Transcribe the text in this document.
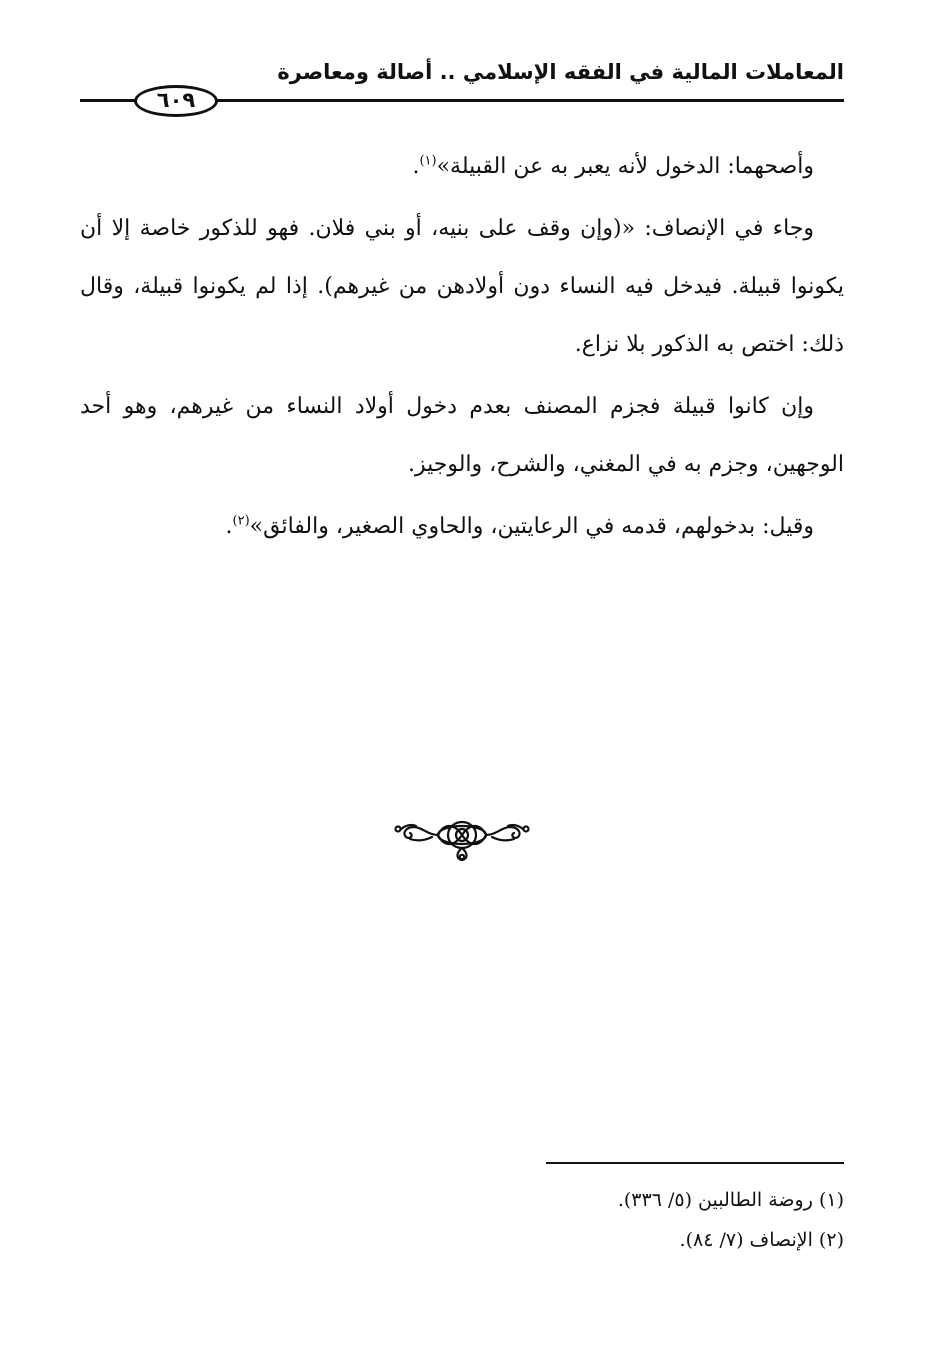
المعاملات المالية في الفقه الإسلامي .. أصالة ومعاصرة
٦٠٩

وأصحهما: الدخول لأنه يعبر به عن القبيلة»$^{(١)}$.

وجاء في الإنصاف: «(وإن وقف على بنيه، أو بني فلان. فهو للذكور خاصة إلا أن يكونوا قبيلة. فيدخل فيه النساء دون أولادهن من غيرهم). إذا لم يكونوا قبيلة، وقال ذلك: اختص به الذكور بلا نزاع.

وإن كانوا قبيلة فجزم المصنف بعدم دخول أولاد النساء من غيرهم، وهو أحد الوجهين، وجزم به في المغني، والشرح، والوجيز.

وقيل: بدخولهم، قدمه في الرعايتين، والحاوي الصغير، والفائق»$^{(٢)}$.

(١) روضة الطالبين (٥/ ٣٣٦).
(٢) الإنصاف (٧/ ٨٤).
